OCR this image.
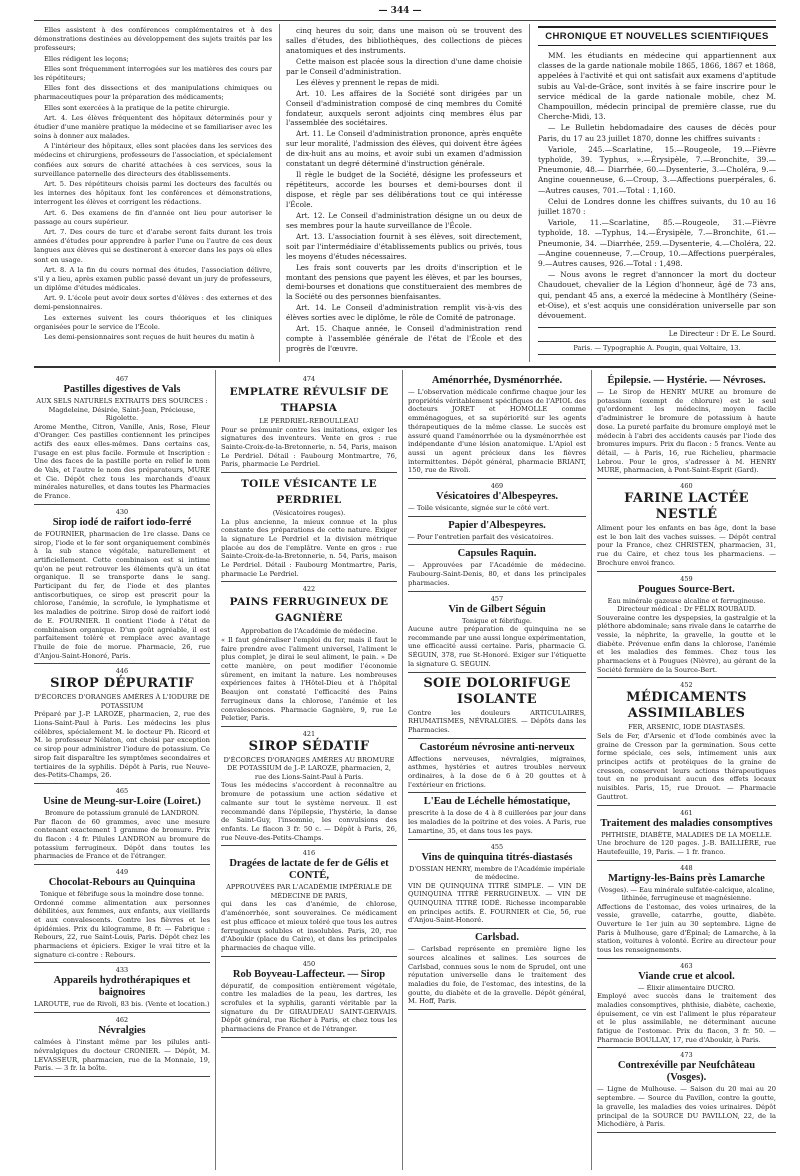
— 344 —

Elles assistent à des conférences complémentaires et à des démonstrations destinées au développement des sujets traités par les professeurs;

Elles rédigent les leçons;

Elles sont fréquemment interrogées sur les matières des cours par les répétiteurs;

Elles font des dissections et des manipulations chimiques ou pharmaceutiques pour la préparation des médicaments;

Elles sont exercées à la pratique de la petite chirurgie.

Art. 4. Les élèves fréquentent des hôpitaux déterminés pour y étudier d'une manière pratique la médecine et se familiariser avec les soins à donner aux malades.

A l'intérieur des hôpitaux, elles sont placées dans les services des médecins et chirurgiens, professeurs de l'association, et spécialement confiées aux sœurs de charité attachées à ces services, sous la surveillance paternelle des directeurs des établissements.

Art. 5. Des répétiteurs choisis parmi les docteurs des facultés ou les internes des hôpitaux font les conférences et démonstrations, interrogent les élèves et corrigent les rédactions.

Art. 6. Des examens de fin d'année ont lieu pour autoriser le passage au cours supérieur.

Art. 7. Des cours de turc et d'arabe seront faits durant les trois années d'études pour apprendre à parler l'une ou l'autre de ces deux langues aux élèves qui se destineront à exercer dans les pays où elles sont en usage.

Art. 8. A la fin du cours normal des études, l'association délivre, s'il y a lieu, après examen public passé devant un jury de professeurs, un diplôme d'études médicales.

Art. 9. L'école peut avoir deux sortes d'élèves : des externes et des demi-pensionnaires.

Les externes suivent les cours théoriques et les cliniques organisées pour le service de l'École.

Les demi-pensionnaires sont reçues de huit heures du matin à

cinq heures du soir, dans une maison où se trouvent des salles d'études, des bibliothèques, des collections de pièces anatomiques et des instruments.

Cette maison est placée sous la direction d'une dame choisie par le Conseil d'administration.

Les élèves y prennent le repas de midi.

Art. 10. Les affaires de la Société sont dirigées par un Conseil d'administration composé de cinq membres du Comité fondateur, auxquels seront adjoints cinq membres élus par l'assemblée des sociétaires.

Art. 11. Le Conseil d'administration prononce, après enquête sur leur moralité, l'admission des élèves, qui doivent être âgées de dix-huit ans au moins, et avoir subi un examen d'admission constatant un degré déterminé d'instruction générale.

Il règle le budget de la Société, désigne les professeurs et répétiteurs, accorde les bourses et demi-bourses dont il dispose, et règle par ses délibérations tout ce qui intéresse l'École.

Art. 12. Le Conseil d'administration désigne un ou deux de ses membres pour la haute surveillance de l'École.

Art. 13. L'association fournit à ses élèves, soit directement, soit par l'intermédiaire d'établissements publics ou privés, tous les moyens d'études nécessaires.

Les frais sont couverts par les droits d'inscription et le montant des pensions que payent les élèves, et par les bourses, demi-bourses et donations que constitueraient des membres de la Société ou des personnes bienfaisantes.

Art. 14. Le Conseil d'administration remplit vis-à-vis des élèves sorties avec le diplôme, le rôle de Comité de patronage.

Art. 15. Chaque année, le Conseil d'administration rend compte à l'assemblée générale de l'état de l'École et des progrès de l'œuvre.

CHRONIQUE ET NOUVELLES SCIENTIFIQUES

MM. les étudiants en médecine qui appartiennent aux classes de la garde nationale mobile 1865, 1866, 1867 et 1868, appelées à l'activité et qui ont satisfait aux examens d'aptitude subis au Val-de-Grâce, sont invités à se faire inscrire pour le service médical de la garde nationale mobile, chez M. Champouillon, médecin principal de première classe, rue du Cherche-Midi, 13.

— Le Bulletin hebdomadaire des causes de décès pour Paris, du 17 au 23 juillet 1870, donne les chiffres suivants :

Variole, 245.—Scarlatine, 15.—Rougeole, 19.—Fièvre typhoïde, 39. Typhus, ».—Érysipèle, 7.—Bronchite, 39.—Pneumonie, 48.— Diarrhée, 60.—Dysenterie, 3.—Choléra, 9.—Angine couenneuse, 6.—Croup, 3.—Affections puerpérales, 6.—Autres causes, 701.—Total : 1,160.

Celui de Londres donne les chiffres suivants, du 10 au 16 juillet 1870 :

Variole, 11.—Scarlatine, 85.—Rougeole, 31.—Fièvre typhoïde, 18. —Typhus, 14.—Érysipèle, 7.—Bronchite, 61.—Pneumonie, 34. —Diarrhée, 259.—Dysenterie, 4.—Choléra, 22.—Angine couenneuse, 7.—Croup, 10.—Affections puerpérales, 9.—Autres causes, 926.—Total : 1,498.

— Nous avons le regret d'annoncer la mort du docteur Chaudouet, chevalier de la Légion d'honneur, âgé de 73 ans, qui, pendant 45 ans, a exercé la médecine à Montlhéry (Seine-et-Oise), et s'est acquis une considération universelle par son dévouement.

Le Directeur : Dr E. Le Sourd.
Paris. — Typographie A. Pougin, quai Voltaire, 13.
467
Pastilles digestives de Vals
AUX SELS NATURELS EXTRAITS DES SOURCES : Magdeleine, Désirée, Saint-Jean, Précieuse, Rigolette.

Arome Menthe, Citron, Vanille, Anis, Rose, Fleur d'Oranger. Ces pastilles contiennent les principes actifs des eaux elles-mêmes. Dans certains cas, l'usage en est plus facile. Formule et Inscription : Une des faces de la pastille porte en relief le nom de Vals, et l'autre le nom des préparateurs, MURE et Cie. Dépôt chez tous les marchands d'eaux minérales naturelles, et dans toutes les Pharmacies de France.

430
Sirop iodé de raifort iodo-ferré

de FOURNIER, pharmacien de 1re classe. Dans ce sirop, l'iode et le fer sont organiquement combinés à la sub stance végétale, naturellement et artificiellement. Cette combinaison est si intime qu'on ne peut retrouver les éléments qu'à un état organique. Il se transporte dans le sang. Participant du fer, de l'iode et des plantes antiscorbutiques, ce sirop est prescrit pour la chlorose, l'anémie, la scrofule, le lymphatisme et les maladies de poitrine. Sirop dosé de raifort iodé de E. FOURNIER. Il contient l'iode à l'état de combinaison organique. D'un goût agréable, il est parfaitement toléré et remplace avec avantage l'huile de foie de morue. Pharmacie, 26, rue d'Anjou-Saint-Honoré, Paris.

446
SIROP DÉPURATIF
D'ÉCORCES D'ORANGES AMÈRES À L'IODURE DE POTASSIUM

Préparé par J.-P. LAROZE, pharmacien, 2, rue des Lions-Saint-Paul à Paris. Les médecins les plus célèbres, spécialement M. le docteur Ph. Ricord et M. le professeur Nélaton, ont choisi par exception ce sirop pour administrer l'iodure de potassium. Ce sirop fait disparaître les symptômes secondaires et tertiaires de la syphilis. Dépôt à Paris, rue Neuve-des-Petits-Champs, 26.

465
Usine de Meung-sur-Loire (Loiret.)
Bromure de potassium granulé de LANDRON.

Par flacon de 60 grammes, avec une mesure contenant exactement 1 gramme de bromure. Prix du flacon : 4 fr. Pilules LANDRON au bromure de potassium ferrugineux. Dépôt dans toutes les pharmacies de France et de l'étranger.

449
Chocolat-Rebours au Quinquina
Tonique et fébrifuge sous la moindre dose tonne.

Ordonné comme alimentation aux personnes débilitées, aux femmes, aux enfants, aux vieillards et aux convalescents. Contre les fièvres et les épidémies. Prix du kilogramme, 8 fr. — Fabrique : Rebours, 22, rue Saint-Louis, Paris. Dépôt chez les pharmaciens et épiciers. Exiger le vrai titre et la signature ci-contre : Rebours.

433
Appareils hydrothérapiques et baignoires

LAROUTE, rue de Rivoli, 83 bis. (Vente et location.)

462
Névralgies

calmées à l'instant même par les pilules anti-névralgiques du docteur CRONIER. — Dépôt, M. LEVASSEUR, pharmacien, rue de la Monnaie, 19, Paris. — 3 fr. la boîte.

474
EMPLATRE RÉVULSIF DE THAPSIA
LE PERDRIEL-REBOULLEAU

Pour se prémunir contre les imitations, exiger les signatures des inventeurs. Vente en gros : rue Sainte-Croix-de-la-Bretonnerie, n. 54, Paris, maison Le Perdriel. Détail : Faubourg Montmartre, 76, Paris, pharmacie Le Perdriel.

TOILE VÉSICANTE LE PERDRIEL
(Vésicatoires rouges).

La plus ancienne, la mieux connue et la plus constante des préparations de cette nature. Exiger la signature Le Perdriel et la division métrique placée au dos de l'emplâtre. Vente en gros : rue Sainte-Croix-de-la-Bretonnerie, n. 54, Paris, maison Le Perdriel. Détail : Faubourg Montmartre, Paris, pharmacie Le Perdriel.

422
PAINS FERRUGINEUX DE GAGNIÈRE
Approbation de l'Académie de médecine.

« Il faut généraliser l'emploi du fer, mais il faut le faire prendre avec l'aliment universel, l'aliment le plus complet, je dirai le seul aliment, le pain. » De cette manière, on peut modifier l'économie sûrement, en imitant la nature. Les nombreuses expériences faites à l'Hôtel-Dieu et à l'hôpital Beaujon ont constaté l'efficacité des Pains ferrugineux dans la chlorose, l'anémie et les convalescences. Pharmacie Gagnière, 9, rue Le Peletier, Paris.

421
SIROP SÉDATIF
D'ÉCORCES D'ORANGES AMÈRES AU BROMURE DE POTASSIUM de J.-P. LAROZE, pharmacien, 2, rue des Lions-Saint-Paul à Paris.

Tous les médecins s'accordent à reconnaître au bromure de potassium une action sédative et calmante sur tout le système nerveux. Il est recommandé dans l'épilepsie, l'hystérie, la danse de Saint-Guy, l'insomnie, les convulsions des enfants. Le flacon 3 fr. 50 c. — Dépôt à Paris, 26, rue Neuve-des-Petits-Champs.

416
Dragées de lactate de fer de Gélis et CONTÉ,
APPROUVÉES PAR L'ACADÉMIE IMPÉRIALE DE MÉDECINE DE PARIS,

qui dans les cas d'anémie, de chlorose, d'aménorrhée, sont souveraines. Ce médicament est plus efficace et mieux toléré que tous les autres ferrugineux solubles et insolubles. Paris, 20, rue d'Aboukir (place du Caire), et dans les principales pharmacies de chaque ville.

450
Rob Boyveau-Laffecteur. — Sirop

dépuratif, de composition entièrement végétale, contre les maladies de la peau, les dartres, les scrofules et la syphilis, garanti véritable par la signature du Dr GIRAUDEAU SAINT-GERVAIS. Dépôt général, rue Richer à Paris, et chez tous les pharmaciens de France et de l'étranger.

Aménorrhée, Dysménorrhée.

— L'observation médicale confirme chaque jour les propriétés véritablement spécifiques de l'APIOL des docteurs JORET et HOMOLLE comme emménagogues, et sa supériorité sur les agents thérapeutiques de la même classe. Le succès est assuré quand l'aménorrhée ou la dysménorrhée est indépendante d'une lésion anatomique. L'Apiol est aussi un agent précieux dans les fièvres intermittentes. Dépôt général, pharmacie BRIANT, 150, rue de Rivoli.

469
Vésicatoires d'Albespeyres.

— Toile vésicante, signée sur le côté vert.

Papier d'Albespeyres.

— Pour l'entretien parfait des vésicatoires.

Capsules Raquin.

— Approuvées par l'Académie de médecine. Faubourg-Saint-Denis, 80, et dans les principales pharmacies.

457
Vin de Gilbert Séguin
Tonique et fébrifuge.

Aucune autre préparation de quinquina ne se recommande par une aussi longue expérimentation, une efficacité aussi certaine. Paris, pharmacie G. SÉGUIN, 378, rue St-Honoré. Exiger sur l'étiquette la signature G. SÉGUIN.

SOIE DOLORIFUGE ISOLANTE

Contre les douleurs ARTICULAIRES, RHUMATISMES, NÉVRALGIES. — Dépôts dans les Pharmacies.

Castoréum névrosine anti-nerveux

Affections nerveuses, névralgies, migraines, asthmes, hystéries et autres troubles nerveux ordinaires, à la dose de 6 à 20 gouttes et à l'extérieur en frictions.

L'Eau de Léchelle hémostatique,

prescrite à la dose de 4 à 8 cuillerées par jour dans les maladies de la poitrine et des voies. A Paris, rue Lamartine, 35, et dans tous les pays.

455
Vins de quinquina titrés-diastasés
D'OSSIAN HENRY, membre de l'Académie impériale de médecine.

VIN DE QUINQUINA TITRÉ SIMPLE. — VIN DE QUINQUINA TITRÉ FERRUGINEUX. — VIN DE QUINQUINA TITRÉ IODÉ. Richesse incomparable en principes actifs. É. FOURNIER et Cie, 56, rue d'Anjou-Saint-Honoré.

Carlsbad.

— Carlsbad représente en première ligne les sources alcalines et salines. Les sources de Carlsbad, connues sous le nom de Sprudel, ont une réputation universelle dans le traitement des maladies du foie, de l'estomac, des intestins, de la goutte, du diabète et de la gravelle. Dépôt général, M. Hoff, Paris.

Épilepsie. — Hystérie. — Névroses.

— Le Sirop de HENRY MURE au bromure de potassium (exempt de chlorure) est le seul qu'ordonnent les médecins, moyen facile d'administrer le bromure de potassium à haute dose. La pureté parfaite du bromure employé met le médecin à l'abri des accidents causés par l'iode des bromures impurs. Prix du flacon : 5 francs. Vente au détail, — à Paris, 16, rue Richelieu, pharmacie Lebrou. Pour le gros, s'adresser à M. HENRY MURE, pharmacien, à Pont-Saint-Esprit (Gard).

460
FARINE LACTÉE NESTLÉ

Aliment pour les enfants en bas âge, dont la base est le bon lait des vaches suisses. — Dépôt central pour la France, chez CHRISTEN, pharmacien, 31, rue du Caire, et chez tous les pharmaciens. — Brochure envoi franco.

459
Pougues Source-Bert.
Eau minérale gazeuse alcaline et ferrugineuse. Directeur médical : Dr FÉLIX ROUBAUD.

Souveraine contre les dyspepsies, la gastralgie et la pléthore abdominale; sans rivale dans le catarrhe de vessie, la néphrite, la gravelle, la goutte et le diabète. Prévenue enfin dans la chlorose, l'anémie et les maladies des femmes. Chez tous les pharmaciens et à Pougues (Nièvre), au gérant de la Société fermière de la Source-Bert.

452
MÉDICAMENTS ASSIMILABLES
FER, ARSENIC, IODE DIASTASÉS.

Sels de Fer, d'Arsenic et d'Iode combinés avec la graine de Cresson par la germination. Sous cette forme spéciale, ces sels, intimement unis aux principes actifs et protéiques de la graine de cresson, conservent leurs actions thérapeutiques tout en ne produisant aucun des effets locaux nuisibles. Paris, 15, rue Drouot. — Pharmacie Gauttrot.

461
Traitement des maladies consomptives
PHTHISIE, DIABÈTE, MALADIES DE LA MOELLE.

Une brochure de 120 pages. J.-B. BAILLIÈRE, rue Hautefeuille, 19, Paris. — 1 fr. franco.

448
Martigny-les-Bains près Lamarche
(Vosges). — Eau minérale sulfatée-calcique, alcaline, lithinée, ferrugineuse et magnésienne.

Affections de l'estomac, des voies urinaires, de la vessie, gravelle, catarrhe, goutte, diabète. Ouverture le 1er juin au 30 septembre. Ligne de Paris à Mulhouse, gare d'Épinal; de Lamarche, à la station, voitures à volonté. Écrire au directeur pour tous les renseignements.

463
Viande crue et alcool.
— Élixir alimentaire DUCRO.

Employé avec succès dans le traitement des maladies consomptives, phthisie, diabète, cachexie, épuisement, ce vin est l'aliment le plus réparateur et le plus assimilable, ne déterminant aucune fatigue de l'estomac. Prix du flacon, 3 fr. 50. — Pharmacie BOULLAY, 17, rue d'Aboukir, à Paris.

473
Contrexéville par Neufchâteau (Vosges).

— Ligne de Mulhouse. — Saison du 20 mai au 20 septembre. — Source du Pavillon, contre la goutte, la gravelle, les maladies des voies urinaires. Dépôt principal de la SOURCE DU PAVILLON, 22, de la Michodière, à Paris.
